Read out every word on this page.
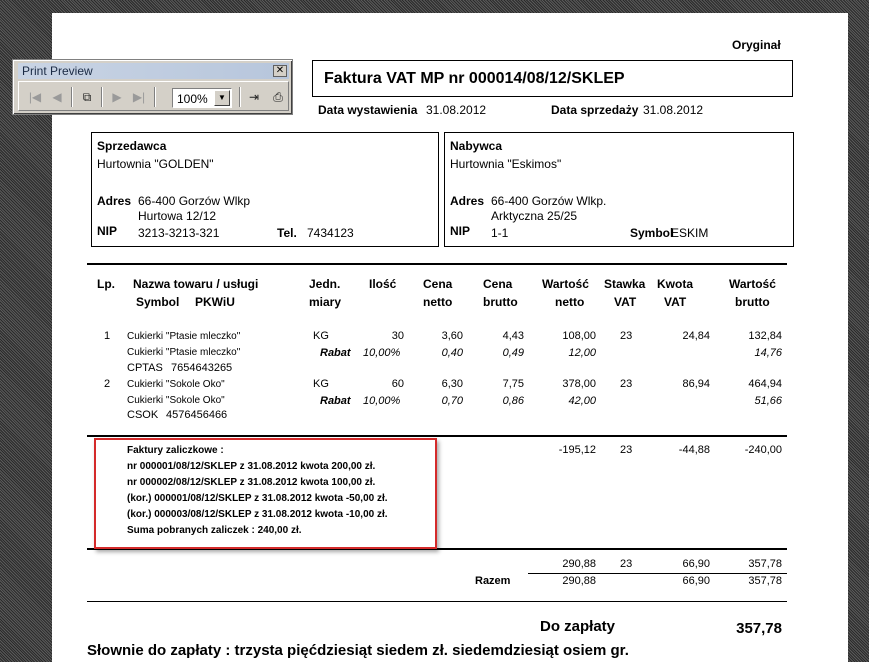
Oryginał
Faktura VAT MP nr 000014/08/12/SKLEP
Data wystawienia 31.08.2012	Data sprzedaży 31.08.2012
Sprzedawca
Hurtownia "GOLDEN"
Adres 66-400 Gorzów Wlkp
Hurtowa 12/12
NIP 3213-3213-321	Tel. 7434123
Nabywca
Hurtownia "Eskimos"
Adres 66-400 Gorzów Wlkp.
Arktyczna 25/25
NIP 1-1	Symbol
ESKIM
Lp. Nazwa towaru / usługi
Symbol PKWiU
Jedn.
miary
Ilość Cena
netto
Cena
brutto
Wartość
netto
Stawka
VAT
Kwota
VAT
Wartość
brutto
1 Cukierki "Ptasie mleczko"	KG	30	3,60	4,43	108,00 23	24,84	132,84
Cukierki "Ptasie mleczko"	Rabat 10,00%	0,40	0,49	12,00	14,76
CPTAS 7654643265
2 Cukierki "Sokole Oko"	KG	60	6,30	7,75	378,00 23	86,94	464,94
Cukierki "Sokole Oko"	Rabat 10,00%	0,70	0,86	42,00	51,66
CSOK 4576456466
Faktury zaliczkowe :
nr 000001/08/12/SKLEP z 31.08.2012 kwota 200,00 zł.
nr 000002/08/12/SKLEP z 31.08.2012 kwota 100,00 zł.
(kor.) 000001/08/12/SKLEP z 31.08.2012 kwota -50,00 zł.
(kor.) 000003/08/12/SKLEP z 31.08.2012 kwota -10,00 zł.
Suma pobranych zaliczek : 240,00 zł.
-195,12 23	-44,88	-240,00
290,88 23	66,90	357,78
Razem	290,88	66,90	357,78
Do zapłaty	357,78
Słownie do zapłaty : trzysta pięćdziesiąt siedem zł. siedemdziesiąt osiem gr.
Print Preview	✕
|◀ ◀	⧉	▶ ▶|	100%	▼	⇥	⎙
